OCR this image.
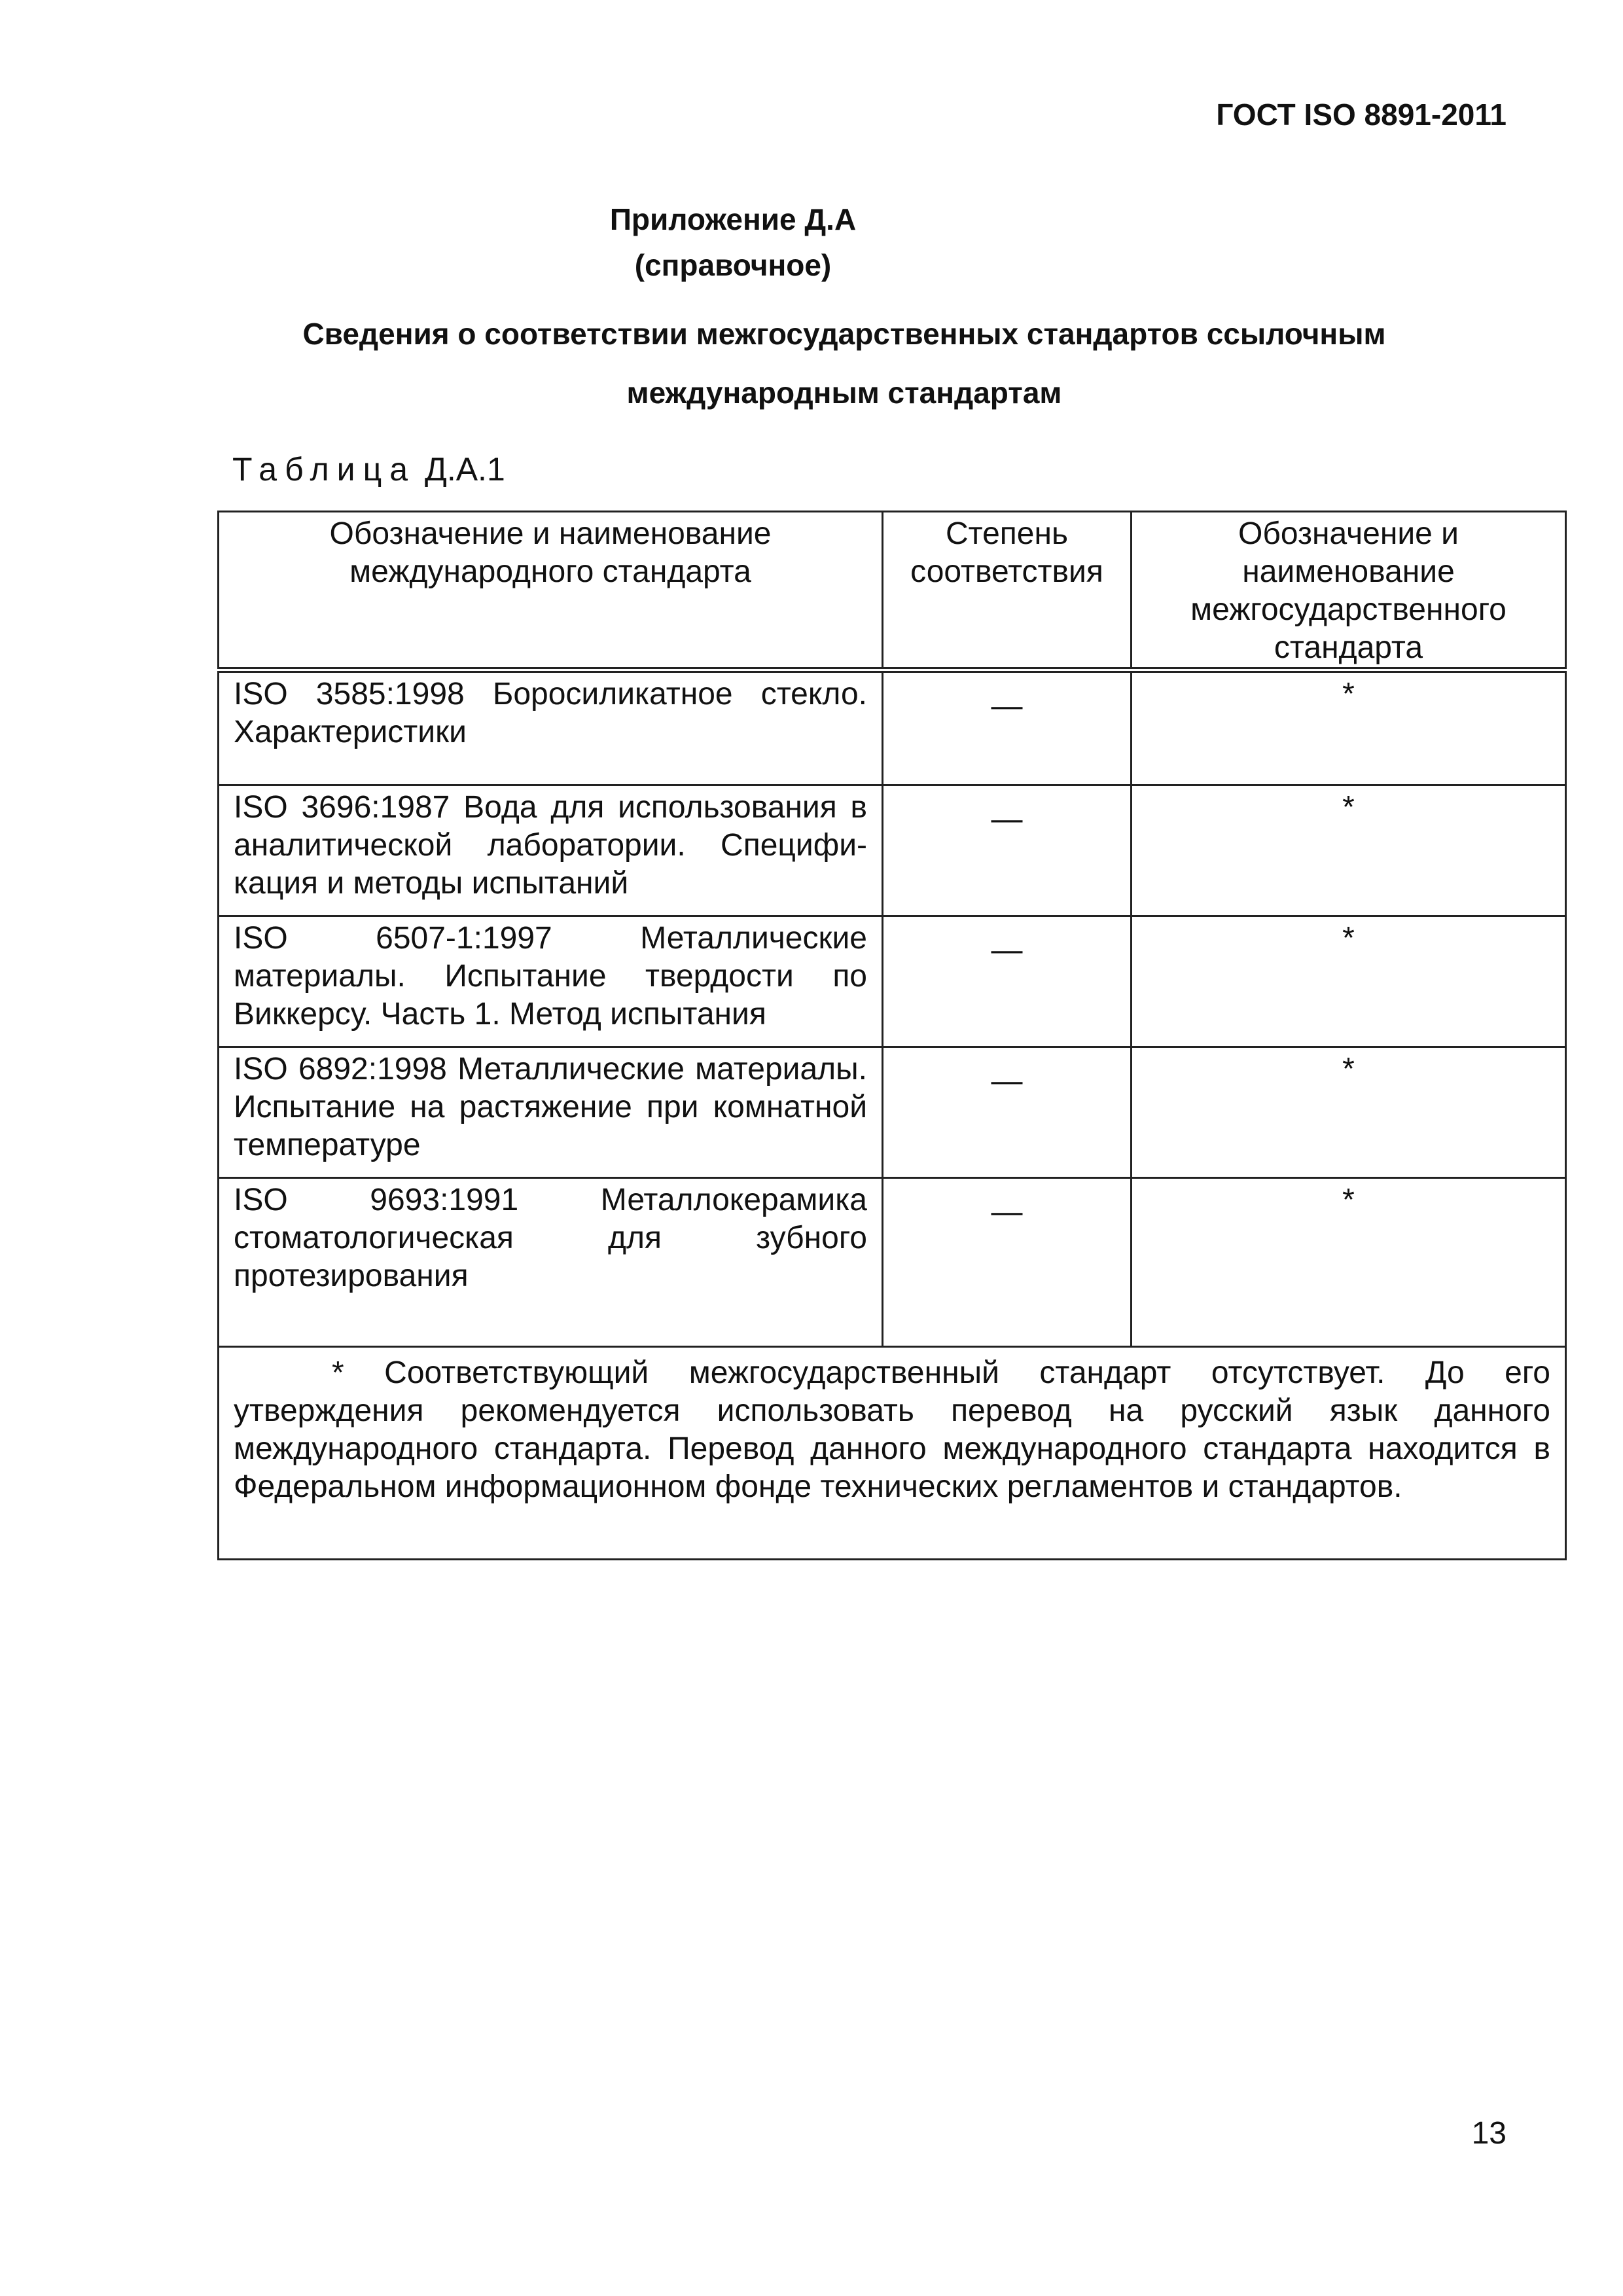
ГОСТ ISO 8891-2011

Приложение Д.А

(справочное)

Сведения о соответствии межгосударственных стандартов ссылочным

международным стандартам

Таблица Д.А.1

Обозначение и наименование международного стандарта	Степень соответствия	Обозначение и наименование межгосударственного стандарта
ISO 3585:1998 Боросиликатное стекло. Характеристики	—	*
ISO 3696:1987 Вода для использования в аналитической лаборатории. Специфи-кация и методы испытаний	—	*
ISO 6507-1:1997 Металлические материалы. Испытание твердости по Виккерсу. Часть 1. Метод испытания	—	*
ISO 6892:1998 Металлические материалы. Испытание на растяжение при комнатной температуре	—	*
ISO 9693:1991 Металлокерамика стоматологическая для зубного протезирования	—	*
* Соответствующий межгосударственный стандарт отсутствует. До его утверждения рекомендуется использовать перевод на русский язык данного международного стандарта. Перевод данного международного стандарта находится в Федеральном информационном фонде технических регламентов и стандартов.		

13
